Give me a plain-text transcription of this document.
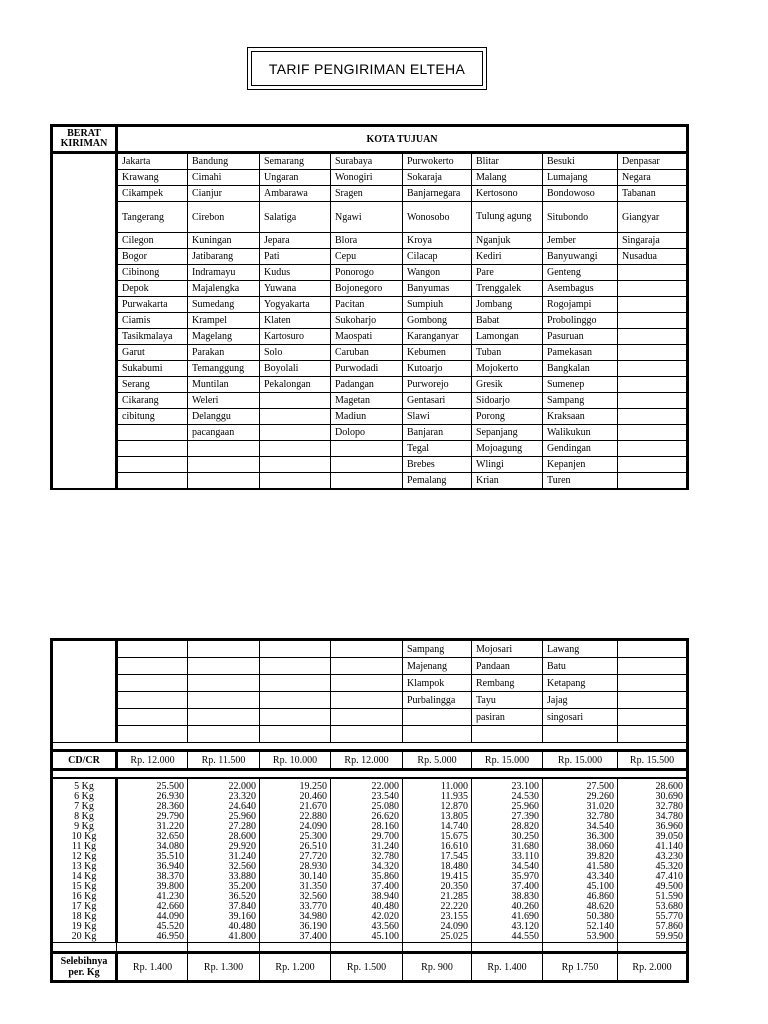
TARIF PENGIRIMAN ELTEHA
BERAT
KIRIMAN	KOTA TUJUAN							
	Jakarta	Bandung	Semarang	Surabaya	Purwokerto	Blitar	Besuki	Denpasar
	Krawang	Cimahi	Ungaran	Wonogiri	Sokaraja	Malang	Lumajang	Negara
	Cikampek	Cianjur	Ambarawa	Sragen	Banjarnegara	Kertosono	Bondowoso	Tabanan
	Tangerang	Cirebon	Salatiga	Ngawi	Wonosobo	Tulung agung	Situbondo	Giangyar
	Cilegon	Kuningan	Jepara	Blora	Kroya	Nganjuk	Jember	Singaraja
	Bogor	Jatibarang	Pati	Cepu	Cilacap	Kediri	Banyuwangi	Nusadua
	Cibinong	Indramayu	Kudus	Ponorogo	Wangon	Pare	Genteng	
	Depok	Majalengka	Yuwana	Bojonegoro	Banyumas	Trenggalek	Asembagus	
	Purwakarta	Sumedang	Yogyakarta	Pacitan	Sumpiuh	Jombang	Rogojampi	
	Ciamis	Krampel	Klaten	Sukoharjo	Gombong	Babat	Probolinggo	
	Tasikmalaya	Magelang	Kartosuro	Maospati	Karanganyar	Lamongan	Pasuruan	
	Garut	Parakan	Solo	Caruban	Kebumen	Tuban	Pamekasan	
	Sukabumi	Temanggung	Boyolali	Purwodadi	Kutoarjo	Mojokerto	Bangkalan	
	Serang	Muntilan	Pekalongan	Padangan	Purworejo	Gresik	Sumenep	
	Cikarang	Weleri		Magetan	Gentasari	Sidoarjo	Sampang	
	cibitung	Delanggu		Madiun	Slawi	Porong	Kraksaan	
		pacangaan		Dolopo	Banjaran	Sepanjang	Walikukun	
					Tegal	Mojoagung	Gendingan	
					Brebes	Wlingi	Kepanjen	
					Pemalang	Krian	Turen	
					Sampang	Mojosari	Lawang	
					Majenang	Pandaan	Batu	
					Klampok	Rembang	Ketapang	
					Purbalingga	Tayu	Jajag	
						pasiran	singosari	

CD/CR	Rp. 12.000	Rp. 11.500	Rp. 10.000	Rp. 12.000	Rp. 5.000	Rp. 15.000	Rp. 15.000	Rp. 15.500

5 Kg	25.500	22.000	19.250	22.000	11.000	23.100	27.500	28.600
6 Kg	26.930	23.320	20.460	23.540	11.935	24.530	29.260	30.690
7 Kg	28.360	24.640	21.670	25.080	12.870	25.960	31.020	32.780
8 Kg	29.790	25.960	22.880	26.620	13.805	27.390	32.780	34.780
9 Kg	31.220	27.280	24.090	28.160	14.740	28.820	34.540	36.960
10 Kg	32.650	28.600	25.300	29.700	15.675	30.250	36.300	39.050
11 Kg	34.080	29.920	26.510	31.240	16.610	31.680	38.060	41.140
12 Kg	35.510	31.240	27.720	32.780	17.545	33.110	39.820	43.230
13 Kg	36.940	32.560	28.930	34.320	18.480	34.540	41.580	45.320
14 Kg	38.370	33.880	30.140	35.860	19.415	35.970	43.340	47.410
15 Kg	39.800	35.200	31.350	37.400	20.350	37.400	45.100	49.500
16 Kg	41.230	36.520	32.560	38.940	21.285	38.830	46.860	51.590
17 Kg	42.660	37.840	33.770	40.480	22.220	40.260	48.620	53.680
18 Kg	44.090	39.160	34.980	42.020	23.155	41.690	50.380	55.770
19 Kg	45.520	40.480	36.190	43.560	24.090	43.120	52.140	57.860
20 Kg	46.950	41.800	37.400	45.100	25.025	44.550	53.900	59.950

Selebihnya
per. Kg	Rp. 1.400	Rp. 1.300	Rp. 1.200	Rp. 1.500	Rp. 900	Rp. 1.400	Rp 1.750	Rp. 2.000
